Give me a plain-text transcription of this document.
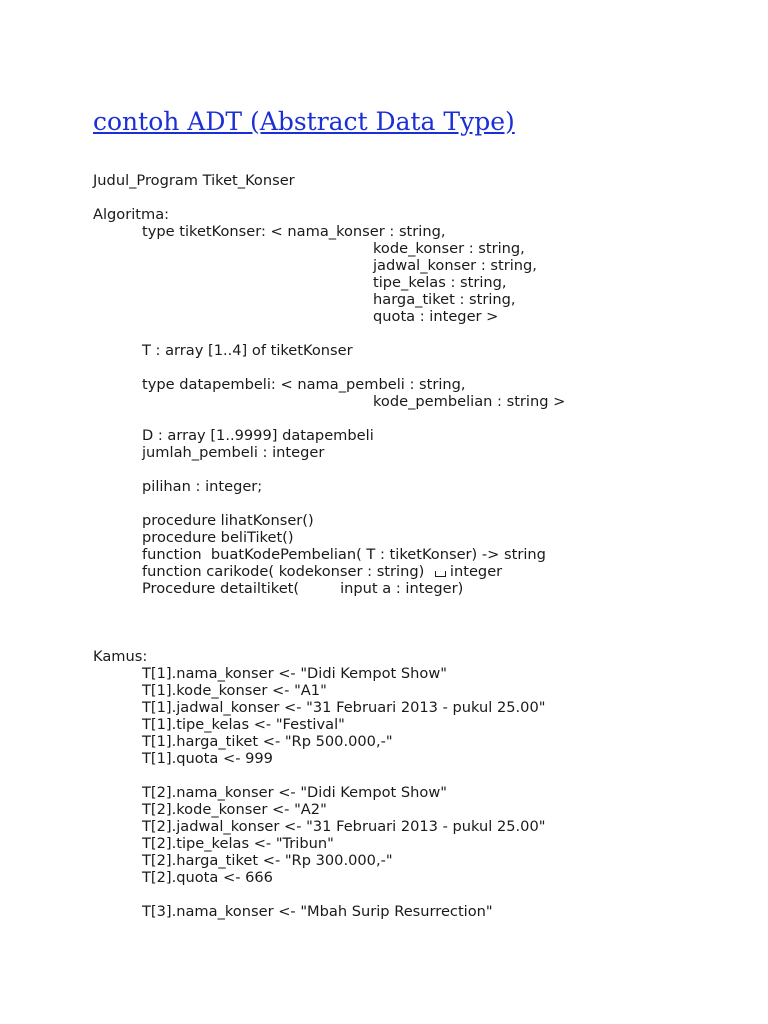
contoh ADT (Abstract Data Type)

Judul_Program Tiket_Konser

Algoritma:

type tiketKonser: < nama_konser : string,

kode_konser : string,

jadwal_konser : string,

tipe_kelas : string,

harga_tiket : string,

quota : integer >

T : array [1..4] of tiketKonser

type datapembeli: < nama_pembeli : string,

kode_pembelian : string >

D : array [1..9999] datapembeli

jumlah_pembeli : integer

pilihan : integer;

procedure lihatKonser()

procedure beliTiket()

function  buatKodePembelian( T : tiketKonser) -> string

function carikode( kodekonser : string) integer

Procedure detailtiket(	input a : integer)

Kamus:

T[1].nama_konser <- "Didi Kempot Show"

T[1].kode_konser <- "A1"

T[1].jadwal_konser <- "31 Februari 2013 - pukul 25.00"

T[1].tipe_kelas <- "Festival"

T[1].harga_tiket <- "Rp 500.000,-"

T[1].quota <- 999

T[2].nama_konser <- "Didi Kempot Show"

T[2].kode_konser <- "A2"

T[2].jadwal_konser <- "31 Februari 2013 - pukul 25.00"

T[2].tipe_kelas <- "Tribun"

T[2].harga_tiket <- "Rp 300.000,-"

T[2].quota <- 666

T[3].nama_konser <- "Mbah Surip Resurrection"
